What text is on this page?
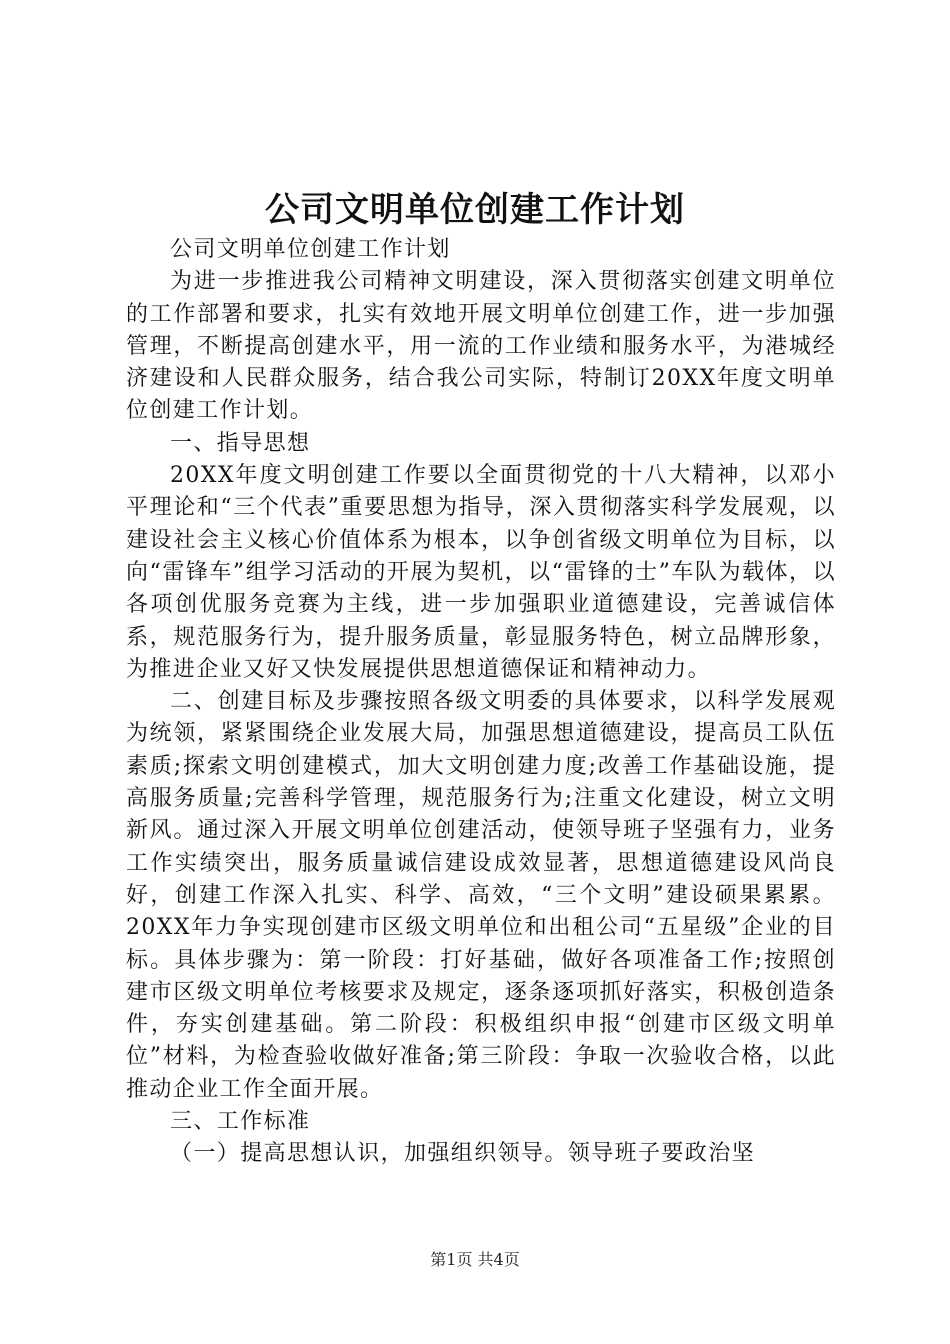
公司文明单位创建工作计划

公司文明单位创建工作计划

为进一步推进我公司精神文明建设，深入贯彻落实创建文明单位的工作部署和要求，扎实有效地开展文明单位创建工作，进一步加强管理，不断提高创建水平，用一流的工作业绩和服务水平，为港城经济建设和人民群众服务，结合我公司实际，特制订20XX年度文明单位创建工作计划。

一、指导思想

20XX年度文明创建工作要以全面贯彻党的十八大精神，以邓小平理论和“三个代表”重要思想为指导，深入贯彻落实科学发展观，以建设社会主义核心价值体系为根本，以争创省级文明单位为目标，以向“雷锋车”组学习活动的开展为契机，以“雷锋的士”车队为载体，以各项创优服务竞赛为主线，进一步加强职业道德建设，完善诚信体系，规范服务行为，提升服务质量，彰显服务特色，树立品牌形象，为推进企业又好又快发展提供思想道德保证和精神动力。

二、创建目标及步骤按照各级文明委的具体要求，以科学发展观为统领，紧紧围绕企业发展大局，加强思想道德建设，提高员工队伍素质;探索文明创建模式，加大文明创建力度;改善工作基础设施，提高服务质量;完善科学管理，规范服务行为;注重文化建设，树立文明新风。通过深入开展文明单位创建活动，使领导班子坚强有力，业务工作实绩突出，服务质量诚信建设成效显著，思想道德建设风尚良好，创建工作深入扎实、科学、高效，“三个文明”建设硕果累累。20XX年力争实现创建市区级文明单位和出租公司“五星级”企业的目标。具体步骤为：第一阶段：打好基础，做好各项准备工作;按照创建市区级文明单位考核要求及规定，逐条逐项抓好落实，积极创造条件，夯实创建基础。第二阶段：积极组织申报“创建市区级文明单位”材料，为检查验收做好准备;第三阶段：争取一次验收合格，以此推动企业工作全面开展。

三、工作标准

（一）提高思想认识，加强组织领导。领导班子要政治坚

第1页 共4页
